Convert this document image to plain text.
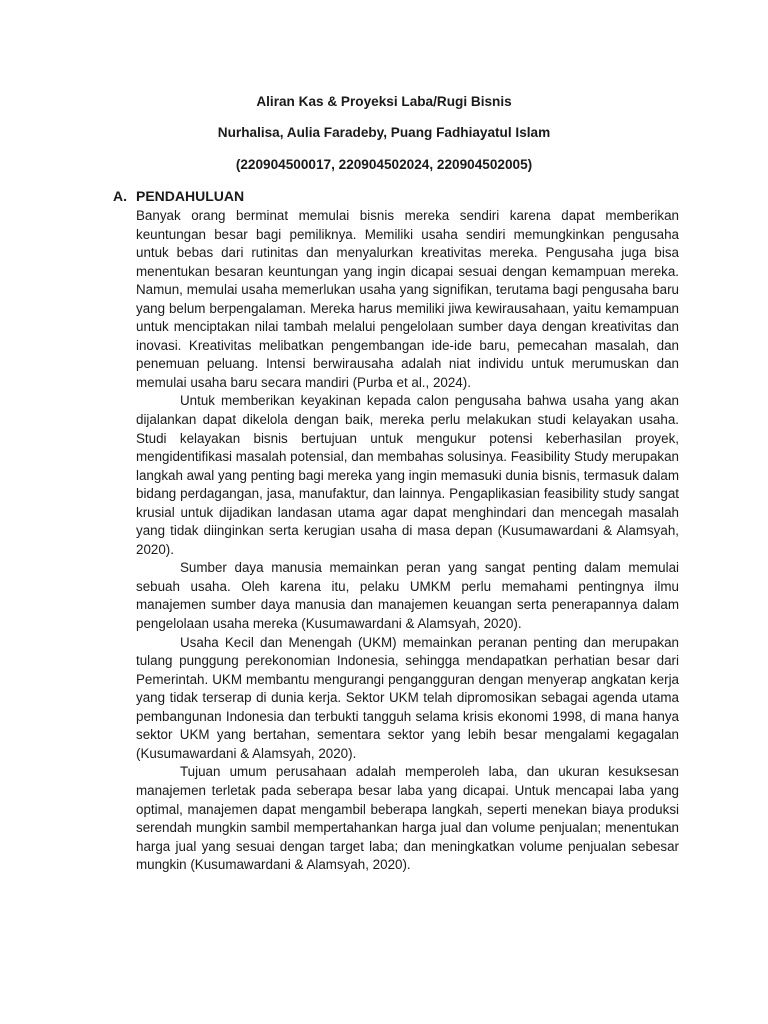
Aliran Kas & Proyeksi Laba/Rugi Bisnis
Nurhalisa, Aulia Faradeby, Puang Fadhiayatul Islam
(220904500017, 220904502024, 220904502005)
A. PENDAHULUAN

Banyak orang berminat memulai bisnis mereka sendiri karena dapat memberikan keuntungan besar bagi pemiliknya. Memiliki usaha sendiri memungkinkan pengusaha untuk bebas dari rutinitas dan menyalurkan kreativitas mereka. Pengusaha juga bisa menentukan besaran keuntungan yang ingin dicapai sesuai dengan kemampuan mereka. Namun, memulai usaha memerlukan usaha yang signifikan, terutama bagi pengusaha baru yang belum berpengalaman. Mereka harus memiliki jiwa kewirausahaan, yaitu kemampuan untuk menciptakan nilai tambah melalui pengelolaan sumber daya dengan kreativitas dan inovasi. Kreativitas melibatkan pengembangan ide-ide baru, pemecahan masalah, dan penemuan peluang. Intensi berwirausaha adalah niat individu untuk merumuskan dan memulai usaha baru secara mandiri (Purba et al., 2024).

Untuk memberikan keyakinan kepada calon pengusaha bahwa usaha yang akan dijalankan dapat dikelola dengan baik, mereka perlu melakukan studi kelayakan usaha. Studi kelayakan bisnis bertujuan untuk mengukur potensi keberhasilan proyek, mengidentifikasi masalah potensial, dan membahas solusinya. Feasibility Study merupakan langkah awal yang penting bagi mereka yang ingin memasuki dunia bisnis, termasuk dalam bidang perdagangan, jasa, manufaktur, dan lainnya. Pengaplikasian feasibility study sangat krusial untuk dijadikan landasan utama agar dapat menghindari dan mencegah masalah yang tidak diinginkan serta kerugian usaha di masa depan (Kusumawardani & Alamsyah, 2020).

Sumber daya manusia memainkan peran yang sangat penting dalam memulai sebuah usaha. Oleh karena itu, pelaku UMKM perlu memahami pentingnya ilmu manajemen sumber daya manusia dan manajemen keuangan serta penerapannya dalam pengelolaan usaha mereka (Kusumawardani & Alamsyah, 2020).

Usaha Kecil dan Menengah (UKM) memainkan peranan penting dan merupakan tulang punggung perekonomian Indonesia, sehingga mendapatkan perhatian besar dari Pemerintah. UKM membantu mengurangi pengangguran dengan menyerap angkatan kerja yang tidak terserap di dunia kerja. Sektor UKM telah dipromosikan sebagai agenda utama pembangunan Indonesia dan terbukti tangguh selama krisis ekonomi 1998, di mana hanya sektor UKM yang bertahan, sementara sektor yang lebih besar mengalami kegagalan (Kusumawardani & Alamsyah, 2020).

Tujuan umum perusahaan adalah memperoleh laba, dan ukuran kesuksesan manajemen terletak pada seberapa besar laba yang dicapai. Untuk mencapai laba yang optimal, manajemen dapat mengambil beberapa langkah, seperti menekan biaya produksi serendah mungkin sambil mempertahankan harga jual dan volume penjualan; menentukan harga jual yang sesuai dengan target laba; dan meningkatkan volume penjualan sebesar mungkin (Kusumawardani & Alamsyah, 2020).
